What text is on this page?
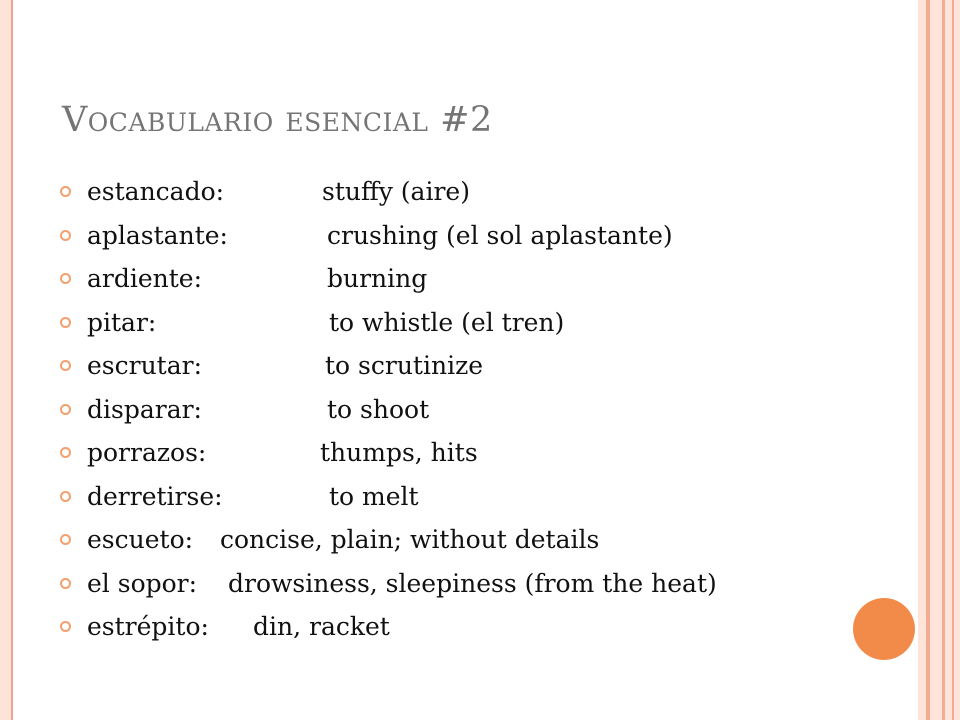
Vocabulario esencial #2
estancado:	stuffy (aire)
aplastante:	crushing (el sol aplastante)
ardiente:	burning
pitar:	to whistle (el tren)
escrutar:	to scrutinize
disparar:	to shoot
porrazos:	thumps, hits
derretirse:	to melt
escueto:	concise, plain; without details
el sopor:	drowsiness, sleepiness (from the heat)
estrépito:	din, racket
